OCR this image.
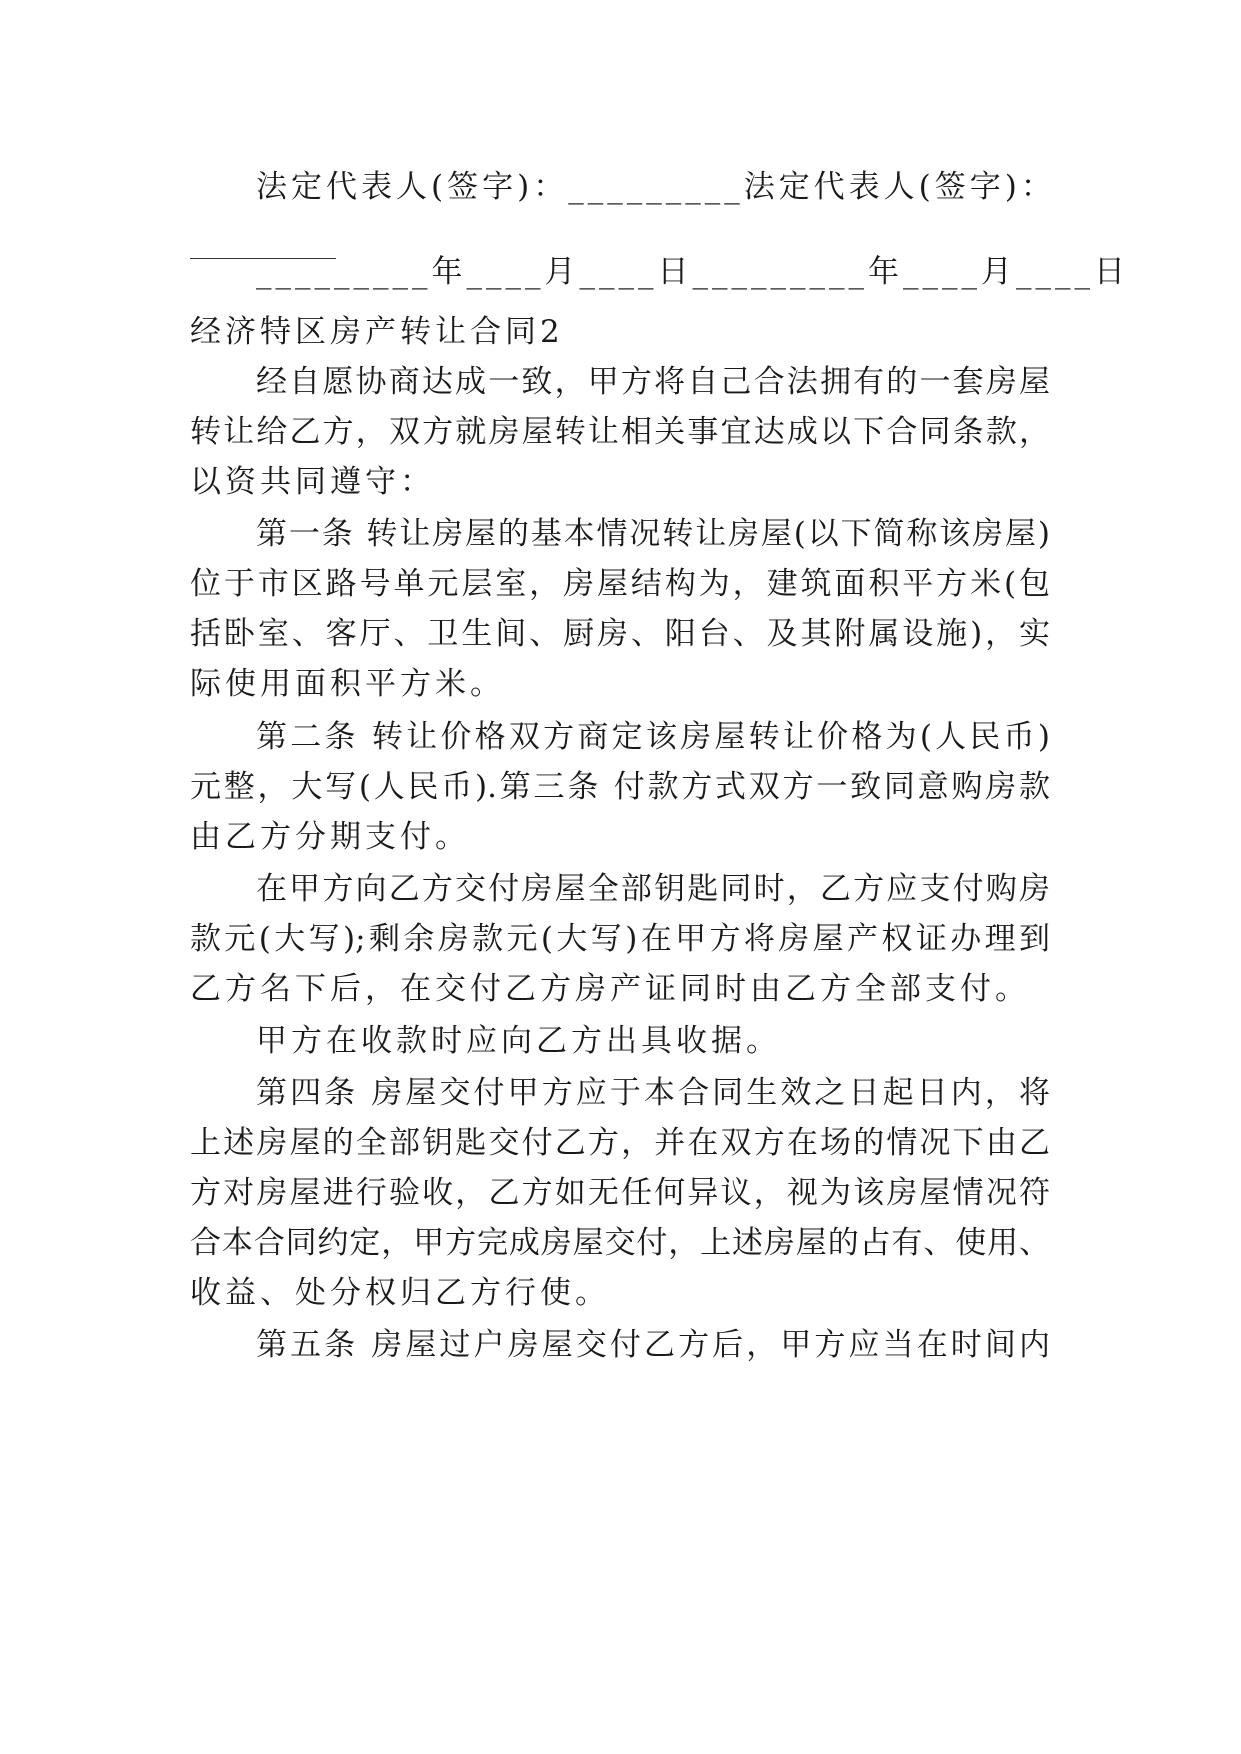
法定代表人(签字)：_________法定代表人(签字)：
_________年____月____日_________年____月____日
经济特区房产转让合同2
经自愿协商达成一致，甲方将自己合法拥有的一套房屋
转让给乙方，双方就房屋转让相关事宜达成以下合同条款，
以资共同遵守：
第一条 转让房屋的基本情况转让房屋(以下简称该房屋)
位于市区路号单元层室，房屋结构为，建筑面积平方米(包
括卧室、客厅、卫生间、厨房、阳台、及其附属设施)，实
际使用面积平方米。
第二条 转让价格双方商定该房屋转让价格为(人民币)
元整，大写(人民币).第三条 付款方式双方一致同意购房款
由乙方分期支付。
在甲方向乙方交付房屋全部钥匙同时，乙方应支付购房
款元(大写);剩余房款元(大写)在甲方将房屋产权证办理到
乙方名下后，在交付乙方房产证同时由乙方全部支付。
甲方在收款时应向乙方出具收据。
第四条 房屋交付甲方应于本合同生效之日起日内，将
上述房屋的全部钥匙交付乙方，并在双方在场的情况下由乙
方对房屋进行验收，乙方如无任何异议，视为该房屋情况符
合本合同约定，甲方完成房屋交付，上述房屋的占有、使用、
收益、处分权归乙方行使。
第五条 房屋过户房屋交付乙方后，甲方应当在时间内
